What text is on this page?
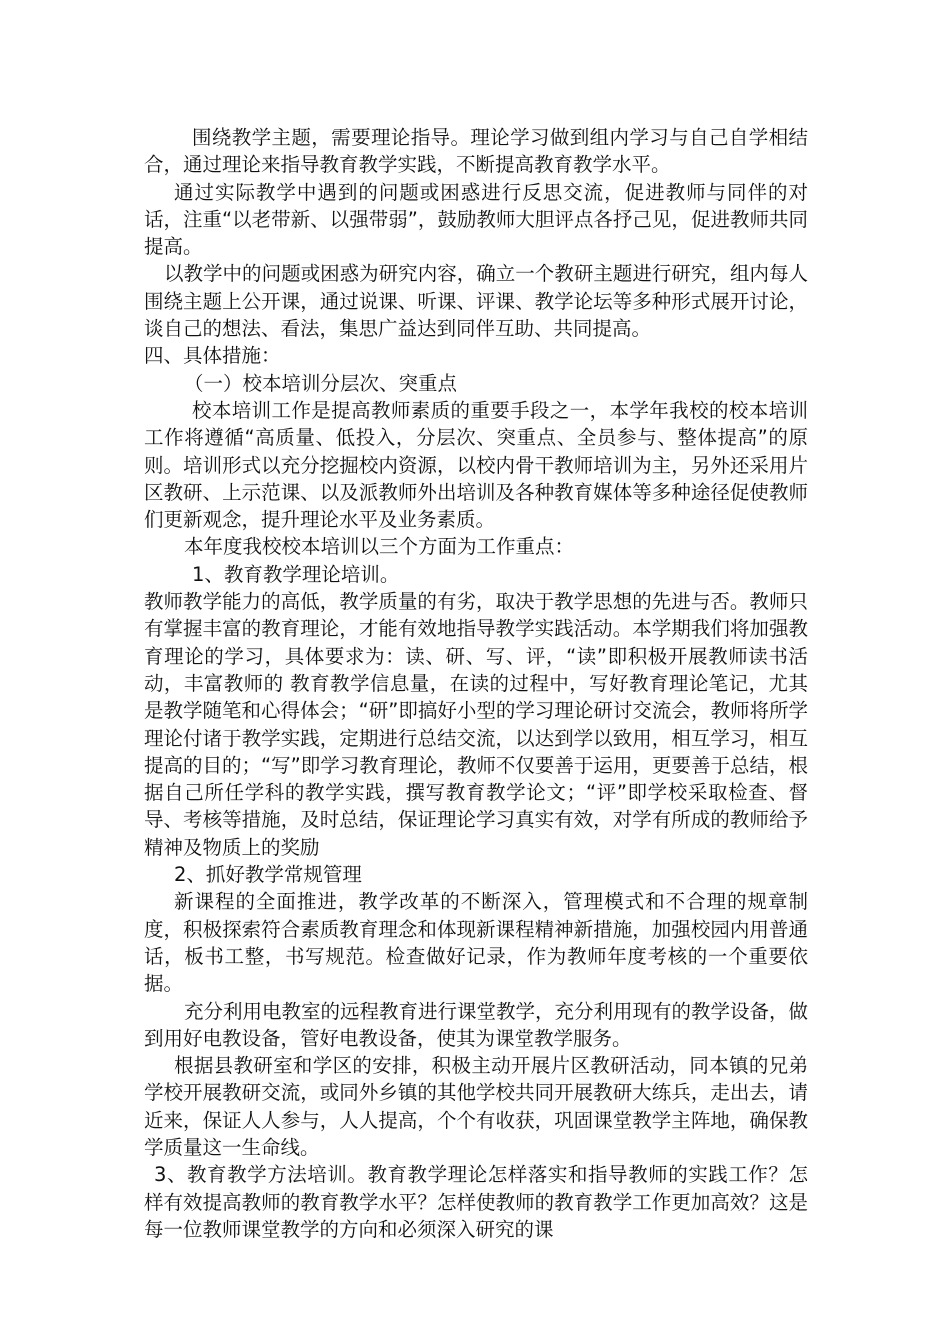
围绕教学主题，需要理论指导。理论学习做到组内学习与自己自学相结合，通过理论来指导教育教学实践，不断提高教育教学水平。

通过实际教学中遇到的问题或困惑进行反思交流，促进教师与同伴的对话，注重“以老带新、以强带弱”，鼓励教师大胆评点各抒己见，促进教师共同提高。

以教学中的问题或困惑为研究内容，确立一个教研主题进行研究，组内每人围绕主题上公开课，通过说课、听课、评课、教学论坛等多种形式展开讨论，谈自己的想法、看法，集思广益达到同伴互助、共同提高。

四、具体措施：

（一）校本培训分层次、突重点

校本培训工作是提高教师素质的重要手段之一，本学年我校的校本培训工作将遵循“高质量、低投入，分层次、突重点、全员参与、整体提高”的原则。培训形式以充分挖掘校内资源，以校内骨干教师培训为主，另外还采用片区教研、上示范课、以及派教师外出培训及各种教育媒体等多种途径促使教师们更新观念，提升理论水平及业务素质。

本年度我校校本培训以三个方面为工作重点：

1、教育教学理论培训。

教师教学能力的高低，教学质量的有劣，取决于教学思想的先进与否。教师只有掌握丰富的教育理论，才能有效地指导教学实践活动。本学期我们将加强教育理论的学习，具体要求为：读、研、写、评，“读”即积极开展教师读书活动，丰富教师的 教育教学信息量，在读的过程中，写好教育理论笔记，尤其是教学随笔和心得体会；“研”即搞好小型的学习理论研讨交流会，教师将所学理论付诸于教学实践，定期进行总结交流，以达到学以致用，相互学习，相互提高的目的；“写”即学习教育理论，教师不仅要善于运用，更要善于总结，根据自己所任学科的教学实践，撰写教育教学论文；“评”即学校采取检查、督导、考核等措施，及时总结，保证理论学习真实有效，对学有所成的教师给予精神及物质上的奖励

2、抓好教学常规管理

新课程的全面推进，教学改革的不断深入，管理模式和不合理的规章制度，积极探索符合素质教育理念和体现新课程精神新措施，加强校园内用普通话，板书工整，书写规范。检查做好记录，作为教师年度考核的一个重要依据。

充分利用电教室的远程教育进行课堂教学，充分利用现有的教学设备，做到用好电教设备，管好电教设备，使其为课堂教学服务。

根据县教研室和学区的安排，积极主动开展片区教研活动，同本镇的兄弟学校开展教研交流，或同外乡镇的其他学校共同开展教研大练兵，走出去，请近来，保证人人参与，人人提高，个个有收获，巩固课堂教学主阵地，确保教学质量这一生命线。

3、教育教学方法培训。教育教学理论怎样落实和指导教师的实践工作？怎样有效提高教师的教育教学水平？怎样使教师的教育教学工作更加高效？这是每一位教师课堂教学的方向和必须深入研究的课
